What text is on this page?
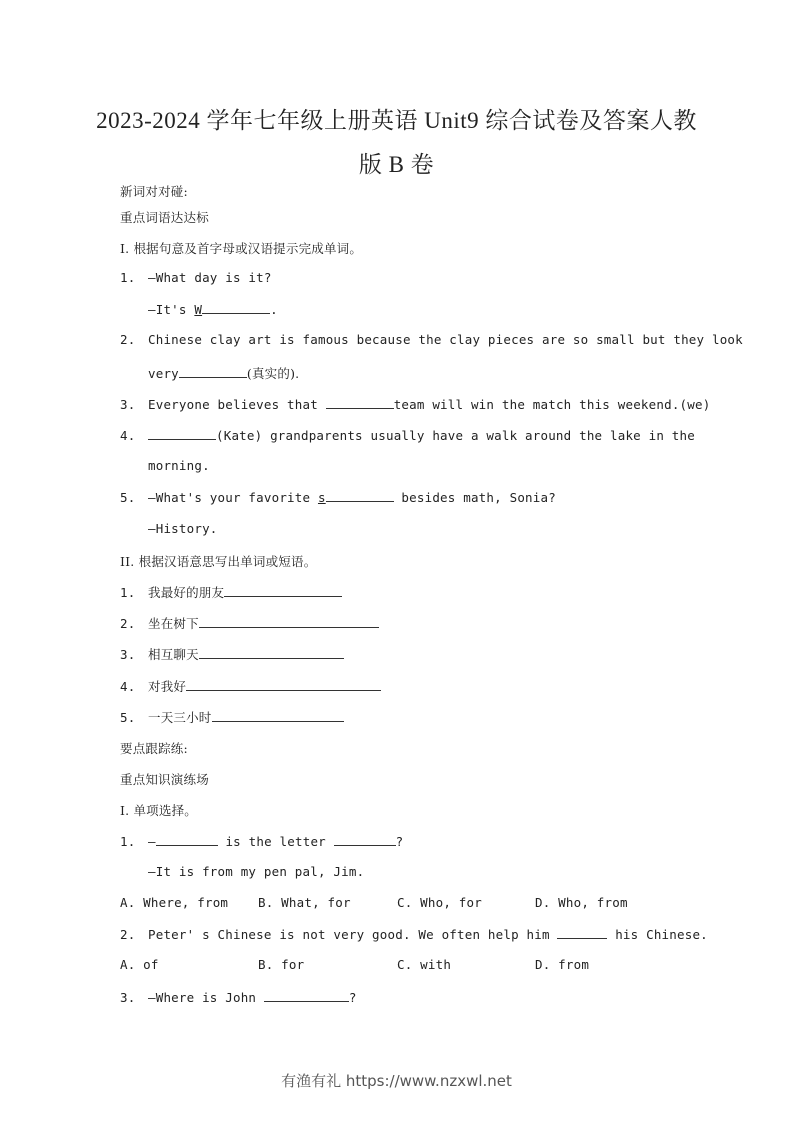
2023-2024 学年七年级上册英语 Unit9 综合试卷及答案人教
版 B 卷
新词对对碰:
重点词语达达标
I. 根据句意及首字母或汉语提示完成单词。
1. —What day is it?
—It's W	.
2. Chinese clay art is famous because the clay pieces are so small but they look
very	(真实的).
3. Everyone believes that	team will win the match this weekend.(we)
4.	(Kate) grandparents usually have a walk around the lake in the
morning.
5. —What's your favorite s	besides math, Sonia?
—History.
II. 根据汉语意思写出单词或短语。
1. 我最好的朋友
2. 坐在树下
3. 相互聊天
4. 对我好
5. 一天三小时
要点跟踪练:
重点知识演练场
I. 单项选择。
1. —	is the letter	?
—It is from my pen pal, Jim.
A. Where, from B. What, for	C. Who, for	D. Who, from
2. Peter' s Chinese is not very good. We often help him	his Chinese.
A. of	B. for	C. with	D. from
3. —Where is John	?
有渔有礼 https://www.nzxwl.net
